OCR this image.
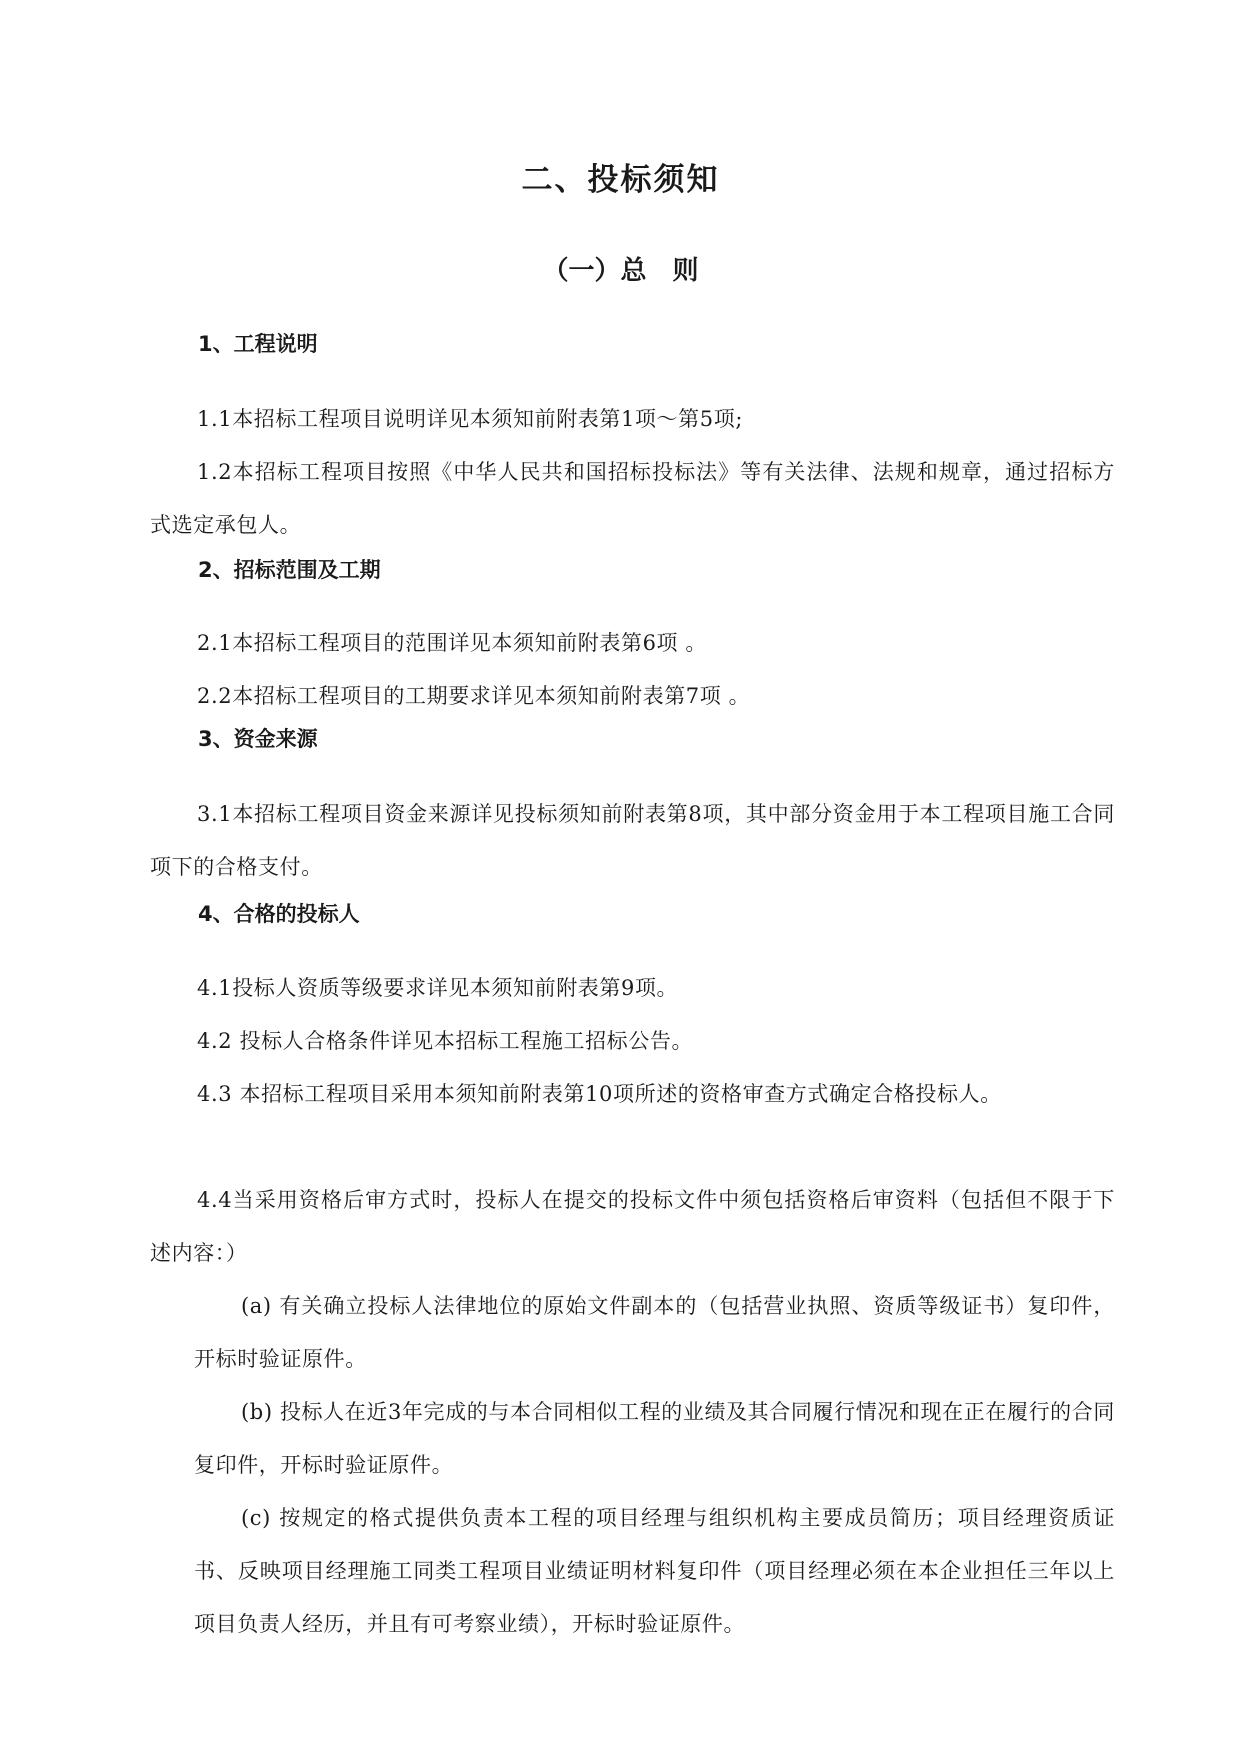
二、投标须知
（一）总　则
1、工程说明
1.1本招标工程项目说明详见本须知前附表第1项～第5项;
1.2本招标工程项目按照《中华人民共和国招标投标法》等有关法律、法规和规章，通过招标方式选定承包人。
2、招标范围及工期
2.1本招标工程项目的范围详见本须知前附表第6项 。
2.2本招标工程项目的工期要求详见本须知前附表第7项 。
3、资金来源
3.1本招标工程项目资金来源详见投标须知前附表第8项，其中部分资金用于本工程项目施工合同项下的合格支付。
4、合格的投标人
4.1投标人资质等级要求详见本须知前附表第9项。
4.2 投标人合格条件详见本招标工程施工招标公告。
4.3 本招标工程项目采用本须知前附表第10项所述的资格审查方式确定合格投标人。
4.4当采用资格后审方式时，投标人在提交的投标文件中须包括资格后审资料（包括但不限于下述内容：）
(a) 有关确立投标人法律地位的原始文件副本的（包括营业执照、资质等级证书）复印件，开标时验证原件。
(b) 投标人在近3年完成的与本合同相似工程的业绩及其合同履行情况和现在正在履行的合同复印件，开标时验证原件。
(c) 按规定的格式提供负责本工程的项目经理与组织机构主要成员简历；项目经理资质证书、反映项目经理施工同类工程项目业绩证明材料复印件（项目经理必须在本企业担任三年以上项目负责人经历，并且有可考察业绩），开标时验证原件。
